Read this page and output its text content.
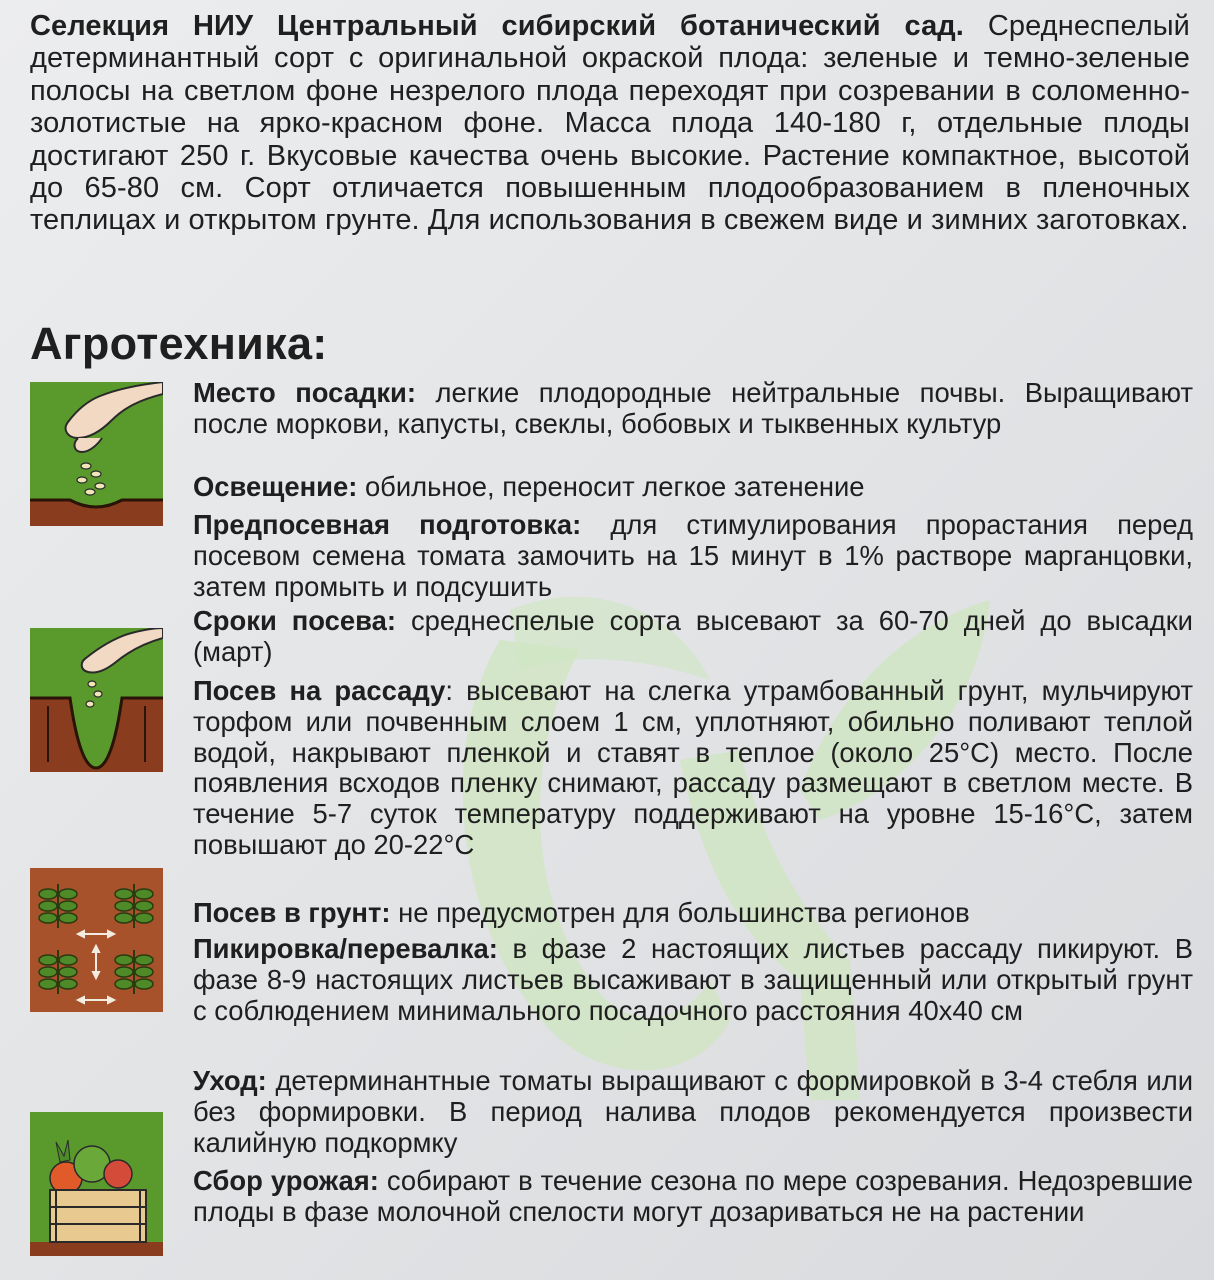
Селекция НИУ Центральный сибирский ботанический сад. Среднеспелый детерминантный сорт с оригинальной окраской плода: зеленые и темно-зеленые полосы на светлом фоне незрелого плода переходят при созревании в соломенно-золотистые на ярко-красном фоне. Масса плода 140-180 г, отдельные плоды достигают 250 г. Вкусовые качества очень высокие. Растение компактное, высотой до 65-80 см. Сорт отличается повышенным плодообразованием в пленочных теплицах и открытом грунте. Для использования в свежем виде и зимних заготовках.
Агротехника:
Место посадки: легкие плодородные нейтральные почвы. Выращивают после моркови, капусты, свеклы, бобовых и тыквенных культур
Освещение: обильное, переносит легкое затенение
Предпосевная подготовка: для стимулирования прорастания перед посевом семена томата замочить на 15 минут в 1% растворе марганцовки, затем промыть и подсушить
Сроки посева: среднеспелые сорта высевают за 60-70 дней до высадки (март)
Посев на рассаду: высевают на слегка утрамбованный грунт, мульчируют торфом или почвенным слоем 1 см, уплотняют, обильно поливают теплой водой, накрывают пленкой и ставят в теплое (около 25°С) место. После появления всходов пленку снимают, рассаду размещают в светлом месте. В течение 5-7 суток температуру поддерживают на уровне 15-16°С, затем повышают до 20-22°С
Посев в грунт: не предусмотрен для большинства регионов
Пикировка/перевалка: в фазе 2 настоящих листьев рассаду пикируют. В фазе 8-9 настоящих листьев высаживают в защищенный или открытый грунт с соблюдением минимального посадочного расстояния 40х40 см
Уход: детерминантные томаты выращивают с формировкой в 3-4 стебля или без формировки. В период налива плодов рекомендуется произвести калийную подкормку
Сбор урожая: собирают в течение сезона по мере созревания. Недозревшие плоды в фазе молочной спелости могут дозариваться не на растении
